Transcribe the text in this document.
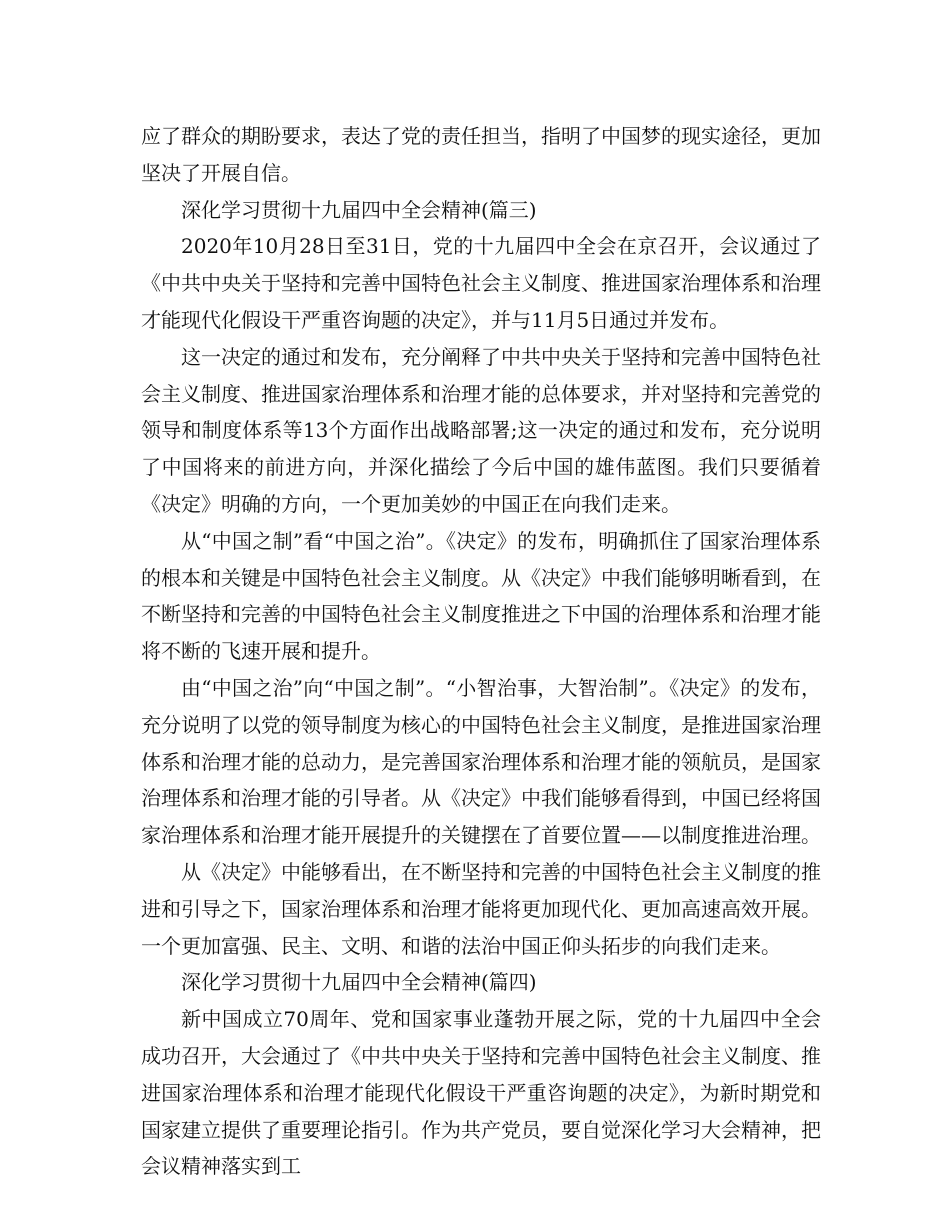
应了群众的期盼要求，表达了党的责任担当，指明了中国梦的现实途径，更加坚决了开展自信。

深化学习贯彻十九届四中全会精神(篇三)

2020年10月28日至31日，党的十九届四中全会在京召开，会议通过了《中共中央关于坚持和完善中国特色社会主义制度、推进国家治理体系和治理才能现代化假设干严重咨询题的决定》，并与11月5日通过并发布。

这一决定的通过和发布，充分阐释了中共中央关于坚持和完善中国特色社会主义制度、推进国家治理体系和治理才能的总体要求，并对坚持和完善党的领导和制度体系等13个方面作出战略部署;这一决定的通过和发布，充分说明了中国将来的前进方向，并深化描绘了今后中国的雄伟蓝图。我们只要循着《决定》明确的方向，一个更加美妙的中国正在向我们走来。

从“中国之制”看“中国之治”。《决定》的发布，明确抓住了国家治理体系的根本和关键是中国特色社会主义制度。从《决定》中我们能够明晰看到，在不断坚持和完善的中国特色社会主义制度推进之下中国的治理体系和治理才能将不断的飞速开展和提升。

由“中国之治”向“中国之制”。“小智治事，大智治制”。《决定》的发布，充分说明了以党的领导制度为核心的中国特色社会主义制度，是推进国家治理体系和治理才能的总动力，是完善国家治理体系和治理才能的领航员，是国家治理体系和治理才能的引导者。从《决定》中我们能够看得到，中国已经将国家治理体系和治理才能开展提升的关键摆在了首要位置——以制度推进治理。

从《决定》中能够看出，在不断坚持和完善的中国特色社会主义制度的推进和引导之下，国家治理体系和治理才能将更加现代化、更加高速高效开展。一个更加富强、民主、文明、和谐的法治中国正仰头拓步的向我们走来。

深化学习贯彻十九届四中全会精神(篇四)

新中国成立70周年、党和国家事业蓬勃开展之际，党的十九届四中全会成功召开，大会通过了《中共中央关于坚持和完善中国特色社会主义制度、推进国家治理体系和治理才能现代化假设干严重咨询题的决定》，为新时期党和国家建立提供了重要理论指引。作为共产党员，要自觉深化学习大会精神，把会议精神落实到工
